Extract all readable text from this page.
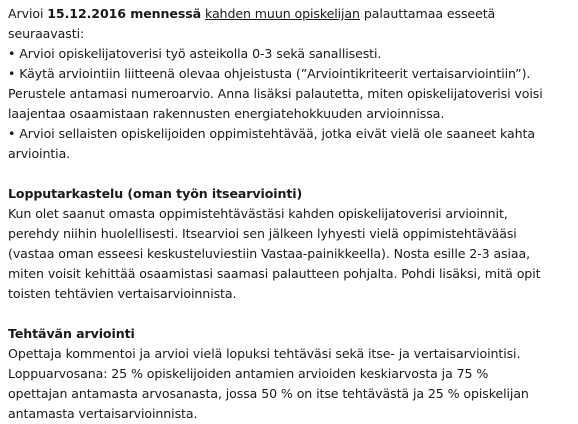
Arvioi 15.12.2016 mennessä kahden muun opiskelijan palauttamaa esseetä
seuraavasti:
• Arvioi opiskelijatoverisi työ asteikolla 0-3 sekä sanallisesti.
• Käytä arviointiin liitteenä olevaa ohjeistusta (”Arviointikriteerit vertaisarviointiin”).
Perustele antamasi numeroarvio. Anna lisäksi palautetta, miten opiskelijatoverisi voisi
laajentaa osaamistaan rakennusten energiatehokkuuden arvioinnissa.
• Arvioi sellaisten opiskelijoiden oppimistehtävää, jotka eivät vielä ole saaneet kahta
arviointia.
Lopputarkastelu (oman työn itsearviointi)
Kun olet saanut omasta oppimistehtävästäsi kahden opiskelijatoverisi arvioinnit,
perehdy niihin huolellisesti. Itsearvioi sen jälkeen lyhyesti vielä oppimistehtävääsi
(vastaa oman esseesi keskusteluviestiin Vastaa-painikkeella). Nosta esille 2-3 asiaa,
miten voisit kehittää osaamistasi saamasi palautteen pohjalta. Pohdi lisäksi, mitä opit
toisten tehtävien vertaisarvioinnista.
Tehtävän arviointi
Opettaja kommentoi ja arvioi vielä lopuksi tehtäväsi sekä itse- ja vertaisarviointisi.
Loppuarvosana: 25 % opiskelijoiden antamien arvioiden keskiarvosta ja 75 %
opettajan antamasta arvosanasta, jossa 50 % on itse tehtävästä ja 25 % opiskelijan
antamasta vertaisarvioinnista.
